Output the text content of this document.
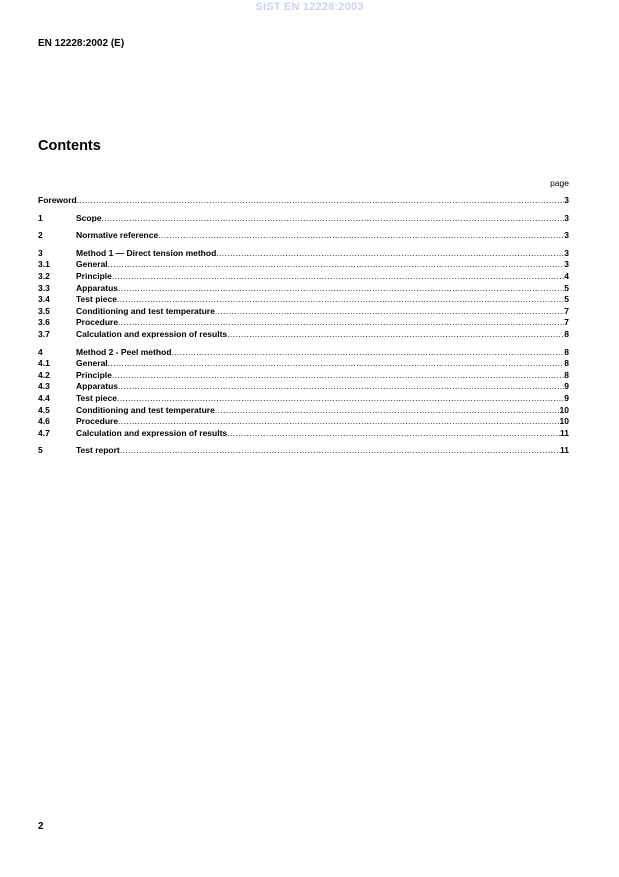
SIST EN 12228:2003
EN 12228:2002 (E)
Contents
page
Foreword .....	3
1	Scope .....	3
2	Normative reference .....	3
3	Method 1 — Direct tension method .....	3
3.1	General .....	3
3.2	Principle .....	4
3.3	Apparatus .....	5
3.4	Test piece .....	5
3.5	Conditioning and test temperature .....	7
3.6	Procedure .....	7
3.7	Calculation and expression of results .....	8
4	Method 2 - Peel method .....	8
4.1	General .....	8
4.2	Principle .....	8
4.3	Apparatus .....	9
4.4	Test piece .....	9
4.5	Conditioning and test temperature .....	10
4.6	Procedure .....	10
4.7	Calculation and expression of results .....	11
5	Test report .....	11
2
